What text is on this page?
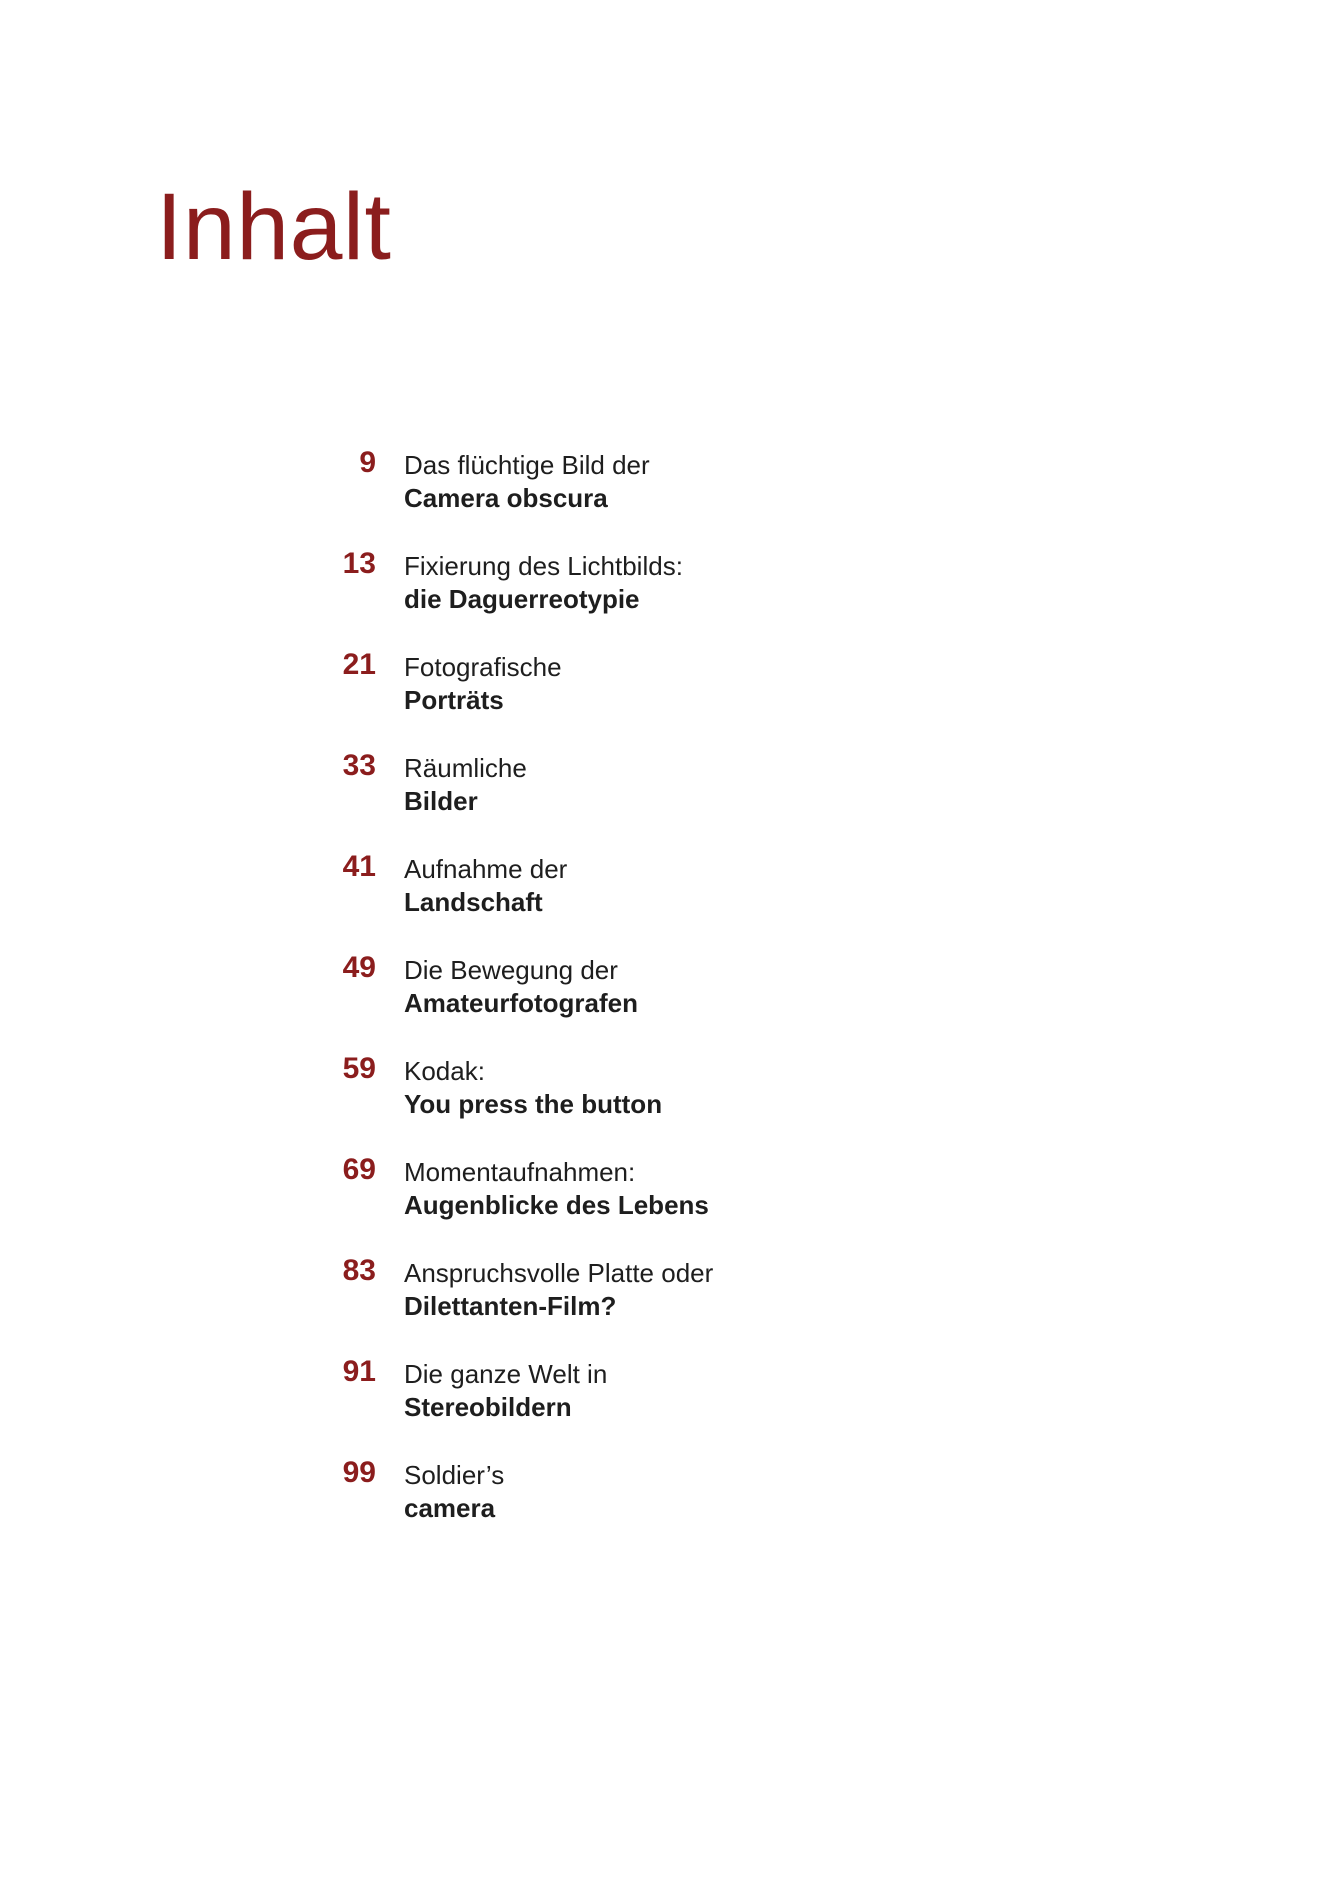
Inhalt
9 Das flüchtige Bild der
Camera obscura
13 Fixierung des Lichtbilds:
die Daguerreotypie
21 Fotografische
Porträts
33 Räumliche
Bilder
41 Aufnahme der
Landschaft
49 Die Bewegung der
Amateurfotografen
59 Kodak:
You press the button
69 Momentaufnahmen:
Augenblicke des Lebens
83 Anspruchsvolle Platte oder
Dilettanten-Film?
91 Die ganze Welt in
Stereobildern
99 Soldier’s
camera
